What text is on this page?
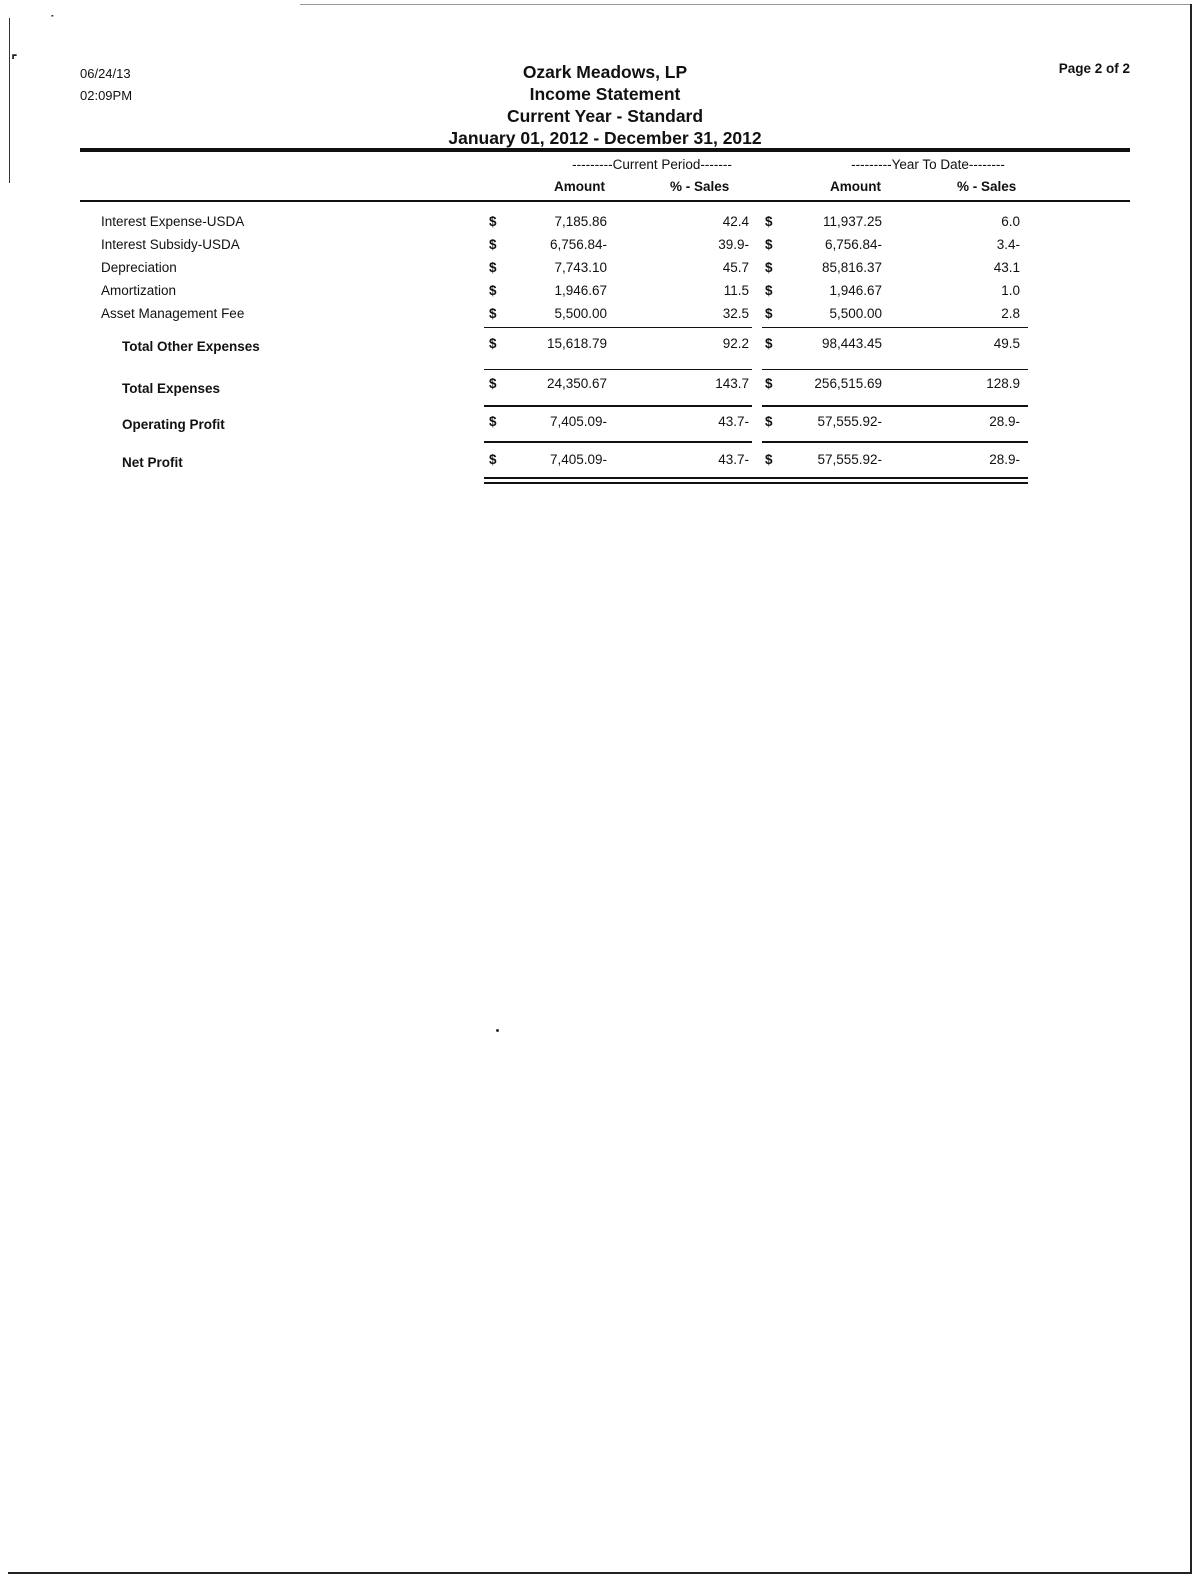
˙
⌜
06/24/13
02:09PM
Page 2 of 2
Ozark Meadows, LP
Income Statement
Current Year - Standard
January 01, 2012 - December 31, 2012
---------Current Period-------	---------Year To Date--------
Amount	% - Sales	Amount	% - Sales
Interest Expense-USDA	$	7,185.86	42.4 $	11,937.25	6.0
Interest Subsidy-USDA	$	6,756.84-	39.9- $	6,756.84-	3.4-
Depreciation	$	7,743.10	45.7 $	85,816.37	43.1
Amortization	$	1,946.67	11.5 $	1,946.67	1.0
Asset Management Fee	$	5,500.00	32.5 $	5,500.00	2.8
Total Other Expenses	$	15,618.79	92.2 $	98,443.45	49.5
Total Expenses	$	24,350.67	143.7 $	256,515.69	128.9
Operating Profit	$	7,405.09-	43.7- $	57,555.92-	28.9-
Net Profit	$	7,405.09-	43.7- $	57,555.92-	28.9-
